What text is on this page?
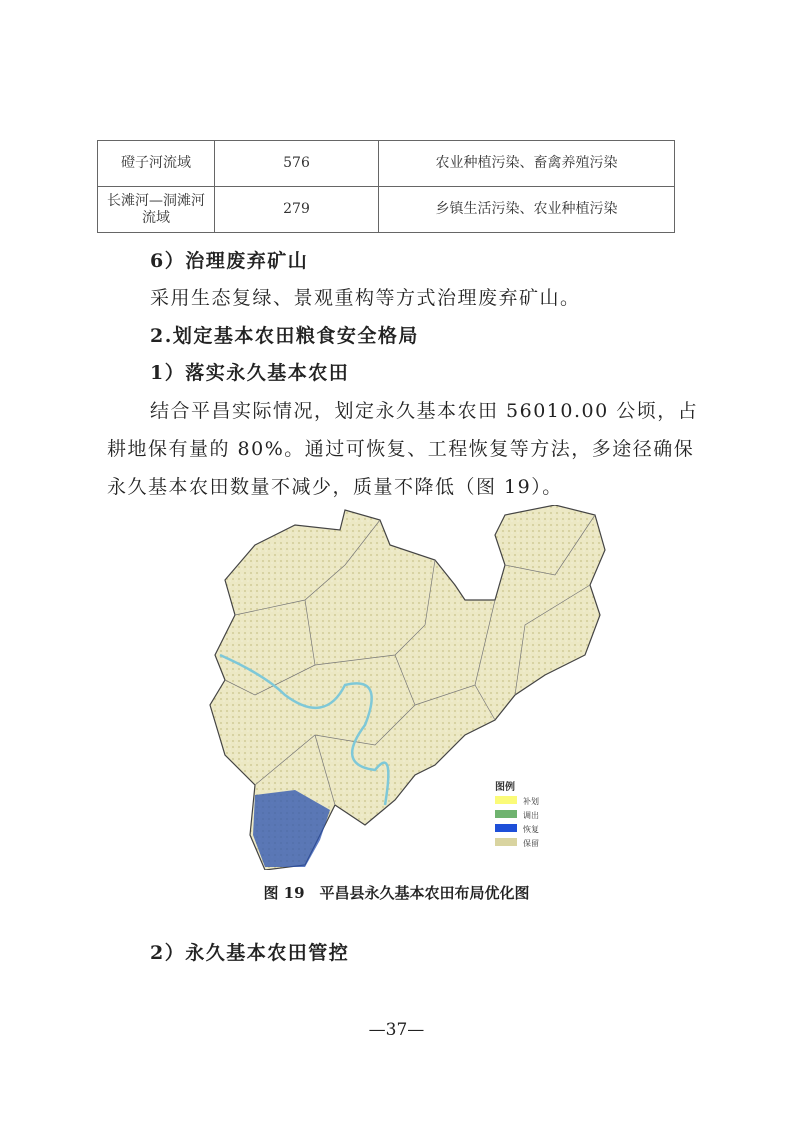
磴子河流域	576	农业种植污染、畜禽养殖污染
长滩河—洞滩河流域	279	乡镇生活污染、农业种植污染
6）治理废弃矿山
采用生态复绿、景观重构等方式治理废弃矿山。
2.划定基本农田粮食安全格局
1）落实永久基本农田
结合平昌实际情况，划定永久基本农田 56010.00 公顷，占
耕地保有量的 80%。通过可恢复、工程恢复等方法，多途径确保
永久基本农田数量不减少，质量不降低（图 19）。
图例
补划
调出
恢复
保留
图 19　平昌县永久基本农田布局优化图
2）永久基本农田管控
—37—
